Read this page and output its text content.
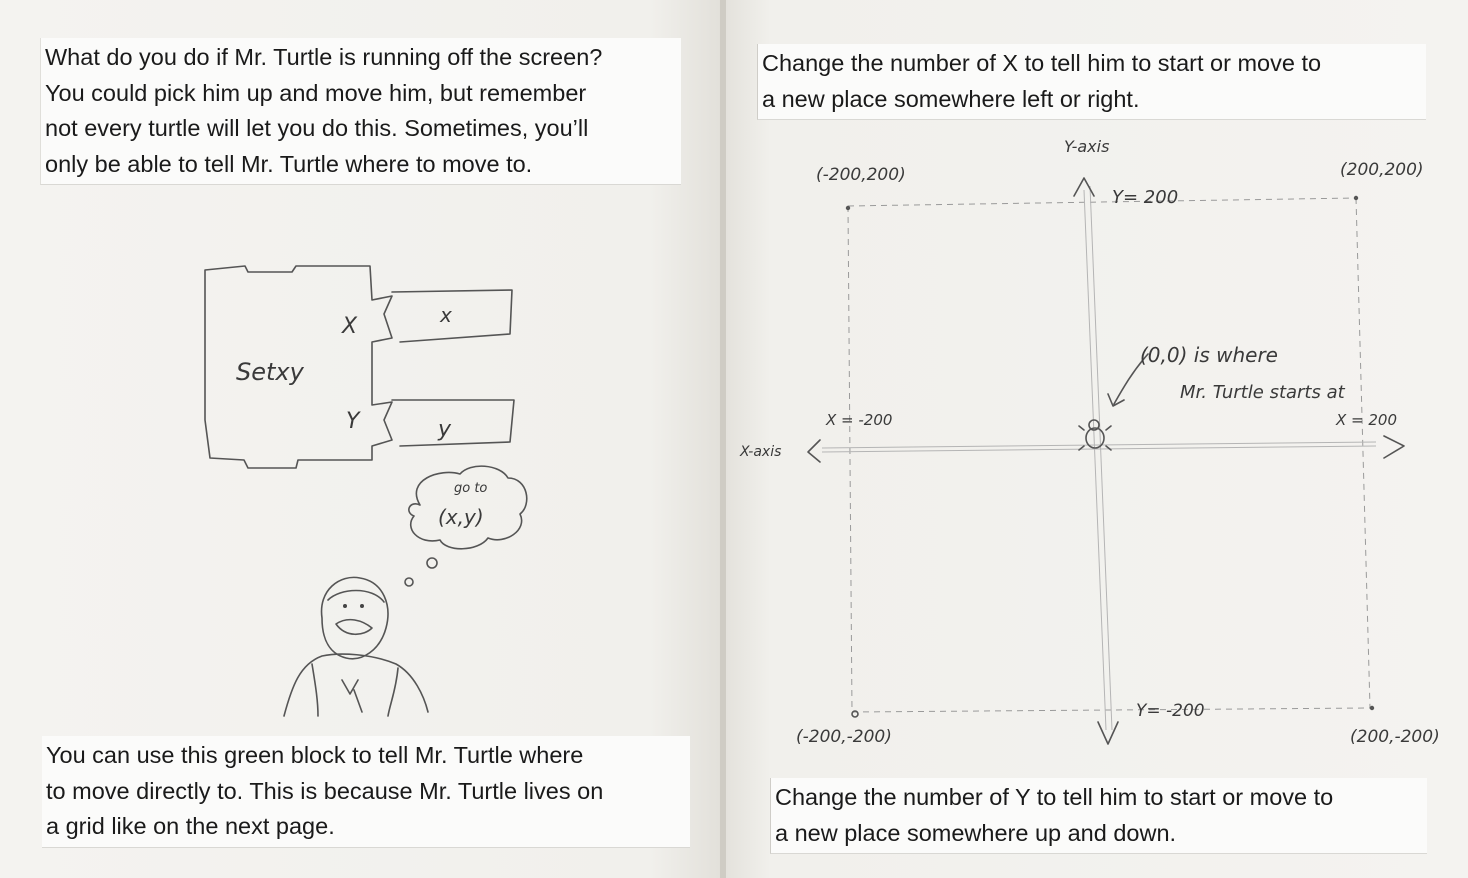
What do you do if Mr. Turtle is running off the screen?
You could pick him up and move him, but remember
not every turtle will let you do this. Sometimes, you’ll
only be able to tell Mr. Turtle where to move to.
You can use this green block to tell Mr. Turtle where
to move directly to. This is because Mr. Turtle lives on
a grid like on the next page.
Change the number of X to tell him to start or move to
a new place somewhere left or right.
Change the number of Y to tell him to start or move to
a new place somewhere up and down.
Setxy
X	x
Y	y
go to
(x,y)
Y-axis
X-axis
(-200,200)	(200,200)
(-200,-200)	(200,-200)
Y= 200
Y= -200
X = -200	X = 200
(0,0) is where
Mr. Turtle starts at
